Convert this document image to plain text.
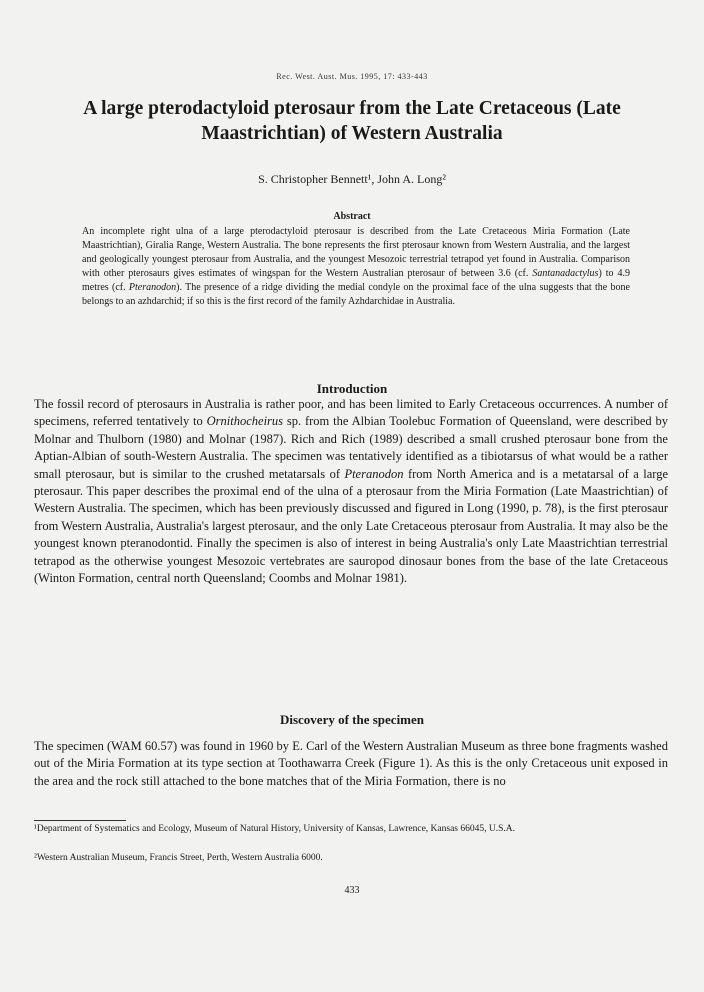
Rec. West. Aust. Mus. 1995, 17: 433-443
A large pterodactyloid pterosaur from the Late Cretaceous (Late Maastrichtian) of Western Australia
S. Christopher Bennett¹, John A. Long²
Abstract
An incomplete right ulna of a large pterodactyloid pterosaur is described from the Late Cretaceous Miria Formation (Late Maastrichtian), Giralia Range, Western Australia. The bone represents the first pterosaur known from Western Australia, and the largest and geologically youngest pterosaur from Australia, and the youngest Mesozoic terrestrial tetrapod yet found in Australia. Comparison with other pterosaurs gives estimates of wingspan for the Western Australian pterosaur of between 3.6 (cf. Santanadactylus) to 4.9 metres (cf. Pteranodon). The presence of a ridge dividing the medial condyle on the proximal face of the ulna suggests that the bone belongs to an azhdarchid; if so this is the first record of the family Azhdarchidae in Australia.
Introduction
The fossil record of pterosaurs in Australia is rather poor, and has been limited to Early Cretaceous occurrences. A number of specimens, referred tentatively to Ornithocheirus sp. from the Albian Toolebuc Formation of Queensland, were described by Molnar and Thulborn (1980) and Molnar (1987). Rich and Rich (1989) described a small crushed pterosaur bone from the Aptian-Albian of south-Western Australia. The specimen was tentatively identified as a tibiotarsus of what would be a rather small pterosaur, but is similar to the crushed metatarsals of Pteranodon from North America and is a metatarsal of a large pterosaur. This paper describes the proximal end of the ulna of a pterosaur from the Miria Formation (Late Maastrichtian) of Western Australia. The specimen, which has been previously discussed and figured in Long (1990, p. 78), is the first pterosaur from Western Australia, Australia's largest pterosaur, and the only Late Cretaceous pterosaur from Australia. It may also be the youngest known pteranodontid. Finally the specimen is also of interest in being Australia's only Late Maastrichtian terrestrial tetrapod as the otherwise youngest Mesozoic vertebrates are sauropod dinosaur bones from the base of the late Cretaceous (Winton Formation, central north Queensland; Coombs and Molnar 1981).
Discovery of the specimen
The specimen (WAM 60.57) was found in 1960 by E. Carl of the Western Australian Museum as three bone fragments washed out of the Miria Formation at its type section at Toothawarra Creek (Figure 1). As this is the only Cretaceous unit exposed in the area and the rock still attached to the bone matches that of the Miria Formation, there is no
¹Department of Systematics and Ecology, Museum of Natural History, University of Kansas, Lawrence, Kansas 66045, U.S.A.
²Western Australian Museum, Francis Street, Perth, Western Australia 6000.
433
